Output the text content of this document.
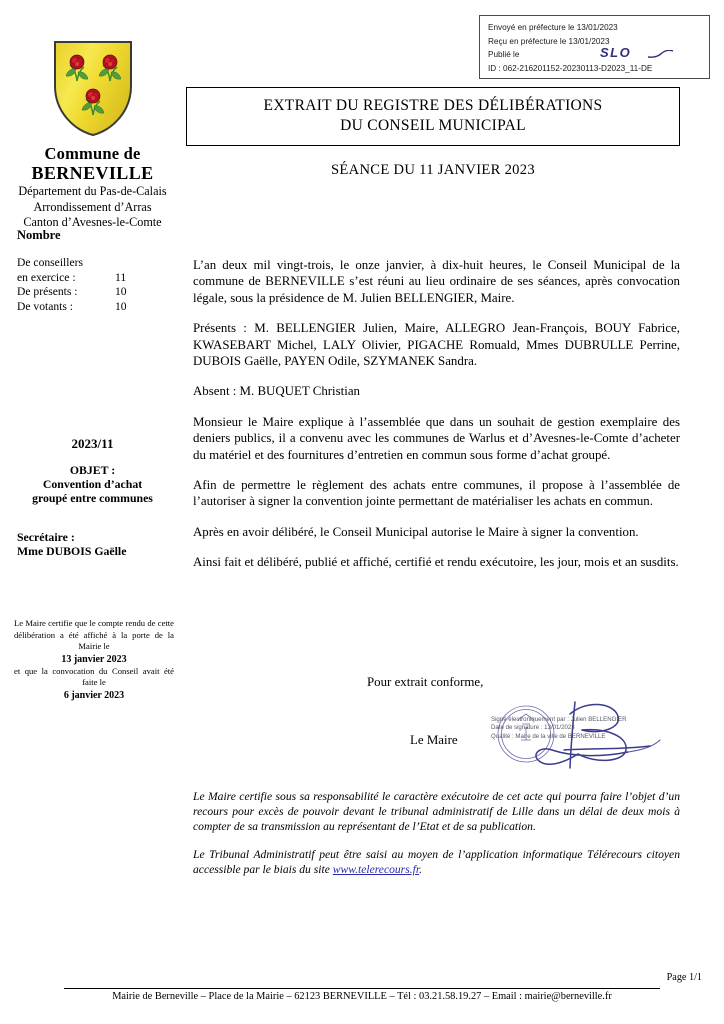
Envoyé en préfecture le 13/01/2023
Reçu en préfecture le 13/01/2023
Publié le
ID : 062-216201152-20230113-D2023_11-DE
SLO
Commune de
BERNEVILLE
Département du Pas-de-Calais
Arrondissement d’Arras
Canton d’Avesnes-le-Comte
Nombre
De conseillers	
en exercice :	11
De présents :	10
De votants :	10
2023/11
OBJET :
Convention d’achat
groupé entre communes
Secrétaire :
Mme DUBOIS Gaëlle
Le Maire certifie que le compte rendu de cette délibération a été affiché à la porte de la Mairie le
13 janvier 2023
et que la convocation du Conseil avait été faite le
6 janvier 2023
EXTRAIT DU REGISTRE DES DÉLIBÉRATIONS
DU CONSEIL MUNICIPAL
SÉANCE DU 11 JANVIER 2023

L’an deux mil vingt-trois, le onze janvier, à dix-huit heures, le Conseil Municipal de la commune de BERNEVILLE s’est réuni au lieu ordinaire de ses séances, après convocation légale, sous la présidence de M. Julien BELLENGIER, Maire.

Présents : M. BELLENGIER Julien, Maire, ALLEGRO Jean-François, BOUY Fabrice, KWASEBART Michel, LALY Olivier, PIGACHE Romuald, Mmes DUBRULLE Perrine, DUBOIS Gaëlle, PAYEN Odile, SZYMANEK Sandra.

Absent : M. BUQUET Christian

Monsieur le Maire explique à l’assemblée que dans un souhait de gestion exemplaire des deniers publics, il a convenu avec les communes de Warlus et d’Avesnes-le-Comte d’acheter du matériel et des fournitures d’entretien en commun sous forme d’achat groupé.

Afin de permettre le règlement des achats entre communes, il propose à l’assemblée de l’autoriser à signer la convention jointe permettant de matérialiser les achats en commun.

Après en avoir délibéré, le Conseil Municipal autorise le Maire à signer la convention.

Ainsi fait et délibéré, publié et affiché, certifié et rendu exécutoire, les jour, mois et an susdits.

Pour extrait conforme,
Le Maire
Signé électroniquement par : Julien BELLENGIER
Date de signature : 13/01/2023
Qualité : Maire de la ville de BERNEVILLE

Le Maire certifie sous sa responsabilité le caractère exécutoire de cet acte qui pourra faire l’objet d’un recours pour excès de pouvoir devant le tribunal administratif de Lille dans un délai de deux mois à compter de sa transmission au représentant de l’Etat et de sa publication.

Le Tribunal Administratif peut être saisi au moyen de l’application informatique Télérecours citoyen accessible par le biais du site www.telerecours.fr.

Page 1/1
Mairie de Berneville – Place de la Mairie – 62123 BERNEVILLE – Tél : 03.21.58.19.27 – Email : mairie@berneville.fr
